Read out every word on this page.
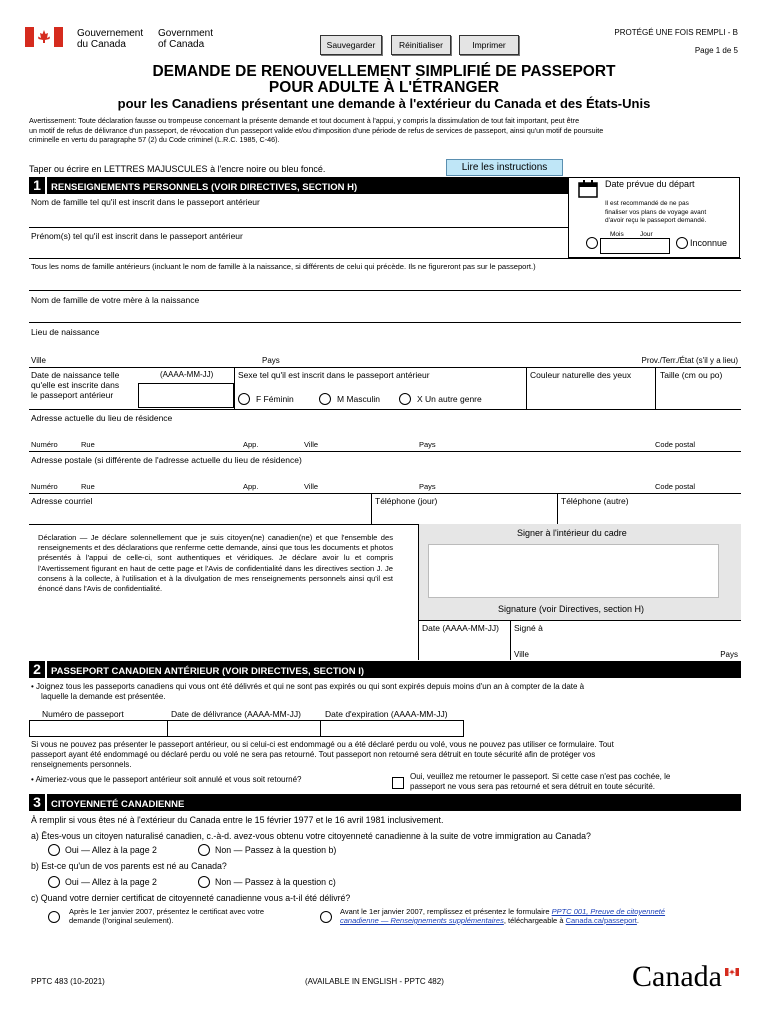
Gouvernement
du Canada
Government
of Canada	Sauvegarder	Réinitialiser	Imprimer
PROTÉGÉ UNE FOIS REMPLI - B
Page 1 de 5
DEMANDE DE RENOUVELLEMENT SIMPLIFIÉ DE PASSEPORT
POUR ADULTE À L'ÉTRANGER
pour les Canadiens présentant une demande à l'extérieur du Canada et des États-Unis
Avertissement: Toute déclaration fausse ou trompeuse concernant la présente demande et tout document à l'appui, y compris la dissimulation de tout fait important, peut être
un motif de refus de délivrance d'un passeport, de révocation d'un passeport valide et/ou d'imposition d'une période de refus de services de passeport, ainsi qu'un motif de poursuite
criminelle en vertu du paragraphe 57 (2) du Code criminel (L.R.C. 1985, C-46).
Taper ou écrire en LETTRES MAJUSCULES à l'encre noire ou bleu foncé.	Lire les instructions
1 RENSEIGNEMENTS PERSONNELS (VOIR DIRECTIVES, SECTION H)	Date prévue du départ
Il est recommandé de ne pas
finaliser vos plans de voyage avant
d'avoir reçu le passeport demandé.
Mois	Jour
Inconnue
Nom de famille tel qu'il est inscrit dans le passeport antérieur
Prénom(s) tel qu'il est inscrit dans le passeport antérieur
Tous les noms de famille antérieurs (incluant le nom de famille à la naissance, si différents de celui qui précède. Ils ne figureront pas sur le passeport.)
Nom de famille de votre mère à la naissance
Lieu de naissance
Ville	Pays	Prov./Terr./État (s'il y a lieu)
Date de naissance telle
qu'elle est inscrite dans
le passeport antérieur
(AAAA-MM-JJ)	Sexe tel qu'il est inscrit dans le passeport antérieur
F Féminin	M Masculin	X Un autre genre
Couleur naturelle des yeux	Taille (cm ou po)
Adresse actuelle du lieu de résidence
Numéro	Rue	App.	Ville	Pays	Code postal
Adresse postale (si différente de l'adresse actuelle du lieu de résidence)
Numéro	Rue	App.	Ville	Pays	Code postal
Adresse courriel	Téléphone (jour)	Téléphone (autre)
Déclaration — Je déclare solennellement que je suis citoyen(ne) canadien(ne) et que l'ensemble des renseignements et des déclarations que renferme cette demande, ainsi que tous les documents et photos présentés à l'appui de celle-ci, sont authentiques et véridiques. Je déclare avoir lu et compris l'Avertissement figurant en haut de cette page et l'Avis de confidentialité dans les directives section J. Je consens à la collecte, à l'utilisation et à la divulgation de mes renseignements personnels ainsi qu'il est énoncé dans l'Avis de confidentialité.
Signer à l'intérieur du cadre
Signature (voir Directives, section H)
Date (AAAA-MM-JJ) Signé à
Ville	Pays
2 PASSEPORT CANADIEN ANTÉRIEUR (VOIR DIRECTIVES, SECTION I)
• Joignez tous les passeports canadiens qui vous ont été délivrés et qui ne sont pas expirés ou qui sont expirés depuis moins d'un an à compter de la date à
laquelle la demande est présentée.
Numéro de passeport	Date de délivrance (AAAA-MM-JJ)	Date d'expiration (AAAA-MM-JJ)
Si vous ne pouvez pas présenter le passeport antérieur, ou si celui-ci est endommagé ou a été déclaré perdu ou volé, vous ne pouvez pas utiliser ce formulaire. Tout
passeport ayant été endommagé ou déclaré perdu ou volé ne sera pas retourné. Tout passeport non retourné sera détruit en toute sécurité afin de protéger vos
renseignements personnels.
• Aimeriez-vous que le passeport antérieur soit annulé et vous soit retourné?	Oui, veuillez me retourner le passeport. Si cette case n'est pas cochée, le
passeport ne vous sera pas retourné et sera détruit en toute sécurité.
3 CITOYENNETÉ CANADIENNE
À remplir si vous êtes né à l'extérieur du Canada entre le 15 février 1977 et le 16 avril 1981 inclusivement.
a) Êtes-vous un citoyen naturalisé canadien, c.-à-d. avez-vous obtenu votre citoyenneté canadienne à la suite de votre immigration au Canada?
Oui — Allez à la page 2	Non — Passez à la question b)
b) Est-ce qu'un de vos parents est né au Canada?
Oui — Allez à la page 2	Non — Passez à la question c)
c) Quand votre dernier certificat de citoyenneté canadienne vous a-t-il été délivré?
Après le 1er janvier 2007, présentez le certificat avec votre
demande (l'original seulement).
Avant le 1er janvier 2007, remplissez et présentez le formulaire PPTC 001, Preuve de citoyenneté
canadienne — Renseignements supplémentaires, téléchargeable à Canada.ca/passeport.
PPTC 483 (10-2021)	(AVAILABLE IN ENGLISH - PPTC 482)	Canada
